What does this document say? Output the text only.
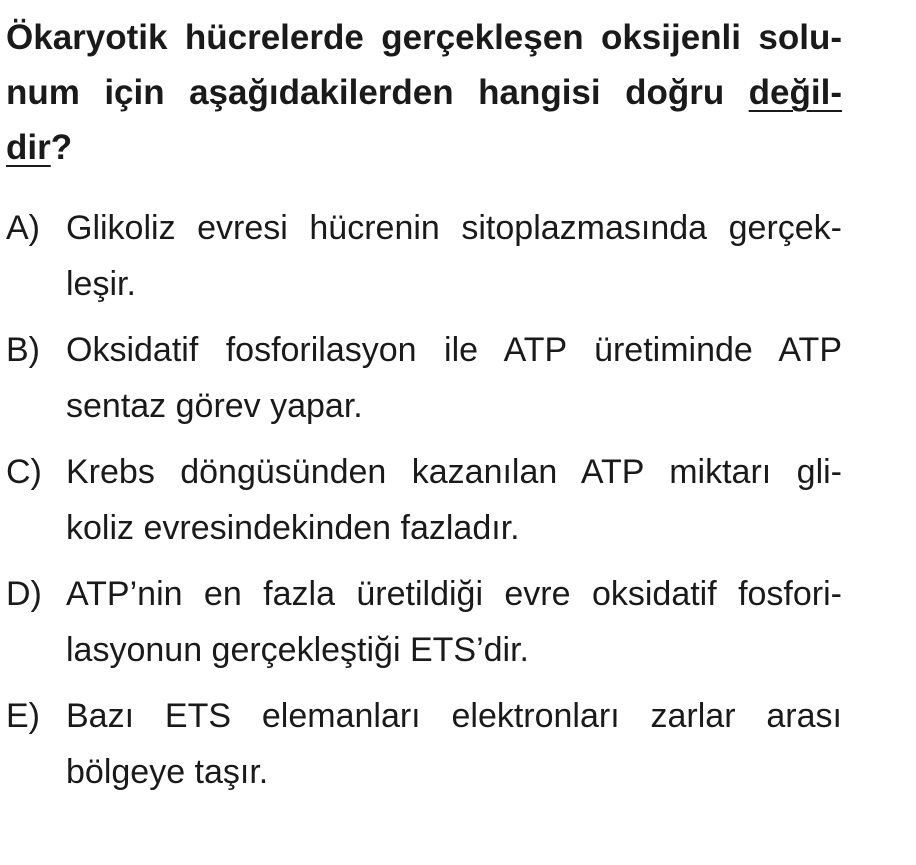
Ökaryotik hücrelerde gerçekleşen oksijenli solu-
num için aşağıdakilerden hangisi doğru değil-
dir?
A) Glikoliz evresi hücrenin sitoplazmasında gerçek-
leşir.
B) Oksidatif fosforilasyon ile ATP üretiminde ATP
sentaz görev yapar.
C) Krebs döngüsünden kazanılan ATP miktarı gli-
koliz evresindekinden fazladır.
D) ATP’nin en fazla üretildiği evre oksidatif fosfori-
lasyonun gerçekleştiği ETS’dir.
E) Bazı ETS elemanları elektronları zarlar arası
bölgeye taşır.
